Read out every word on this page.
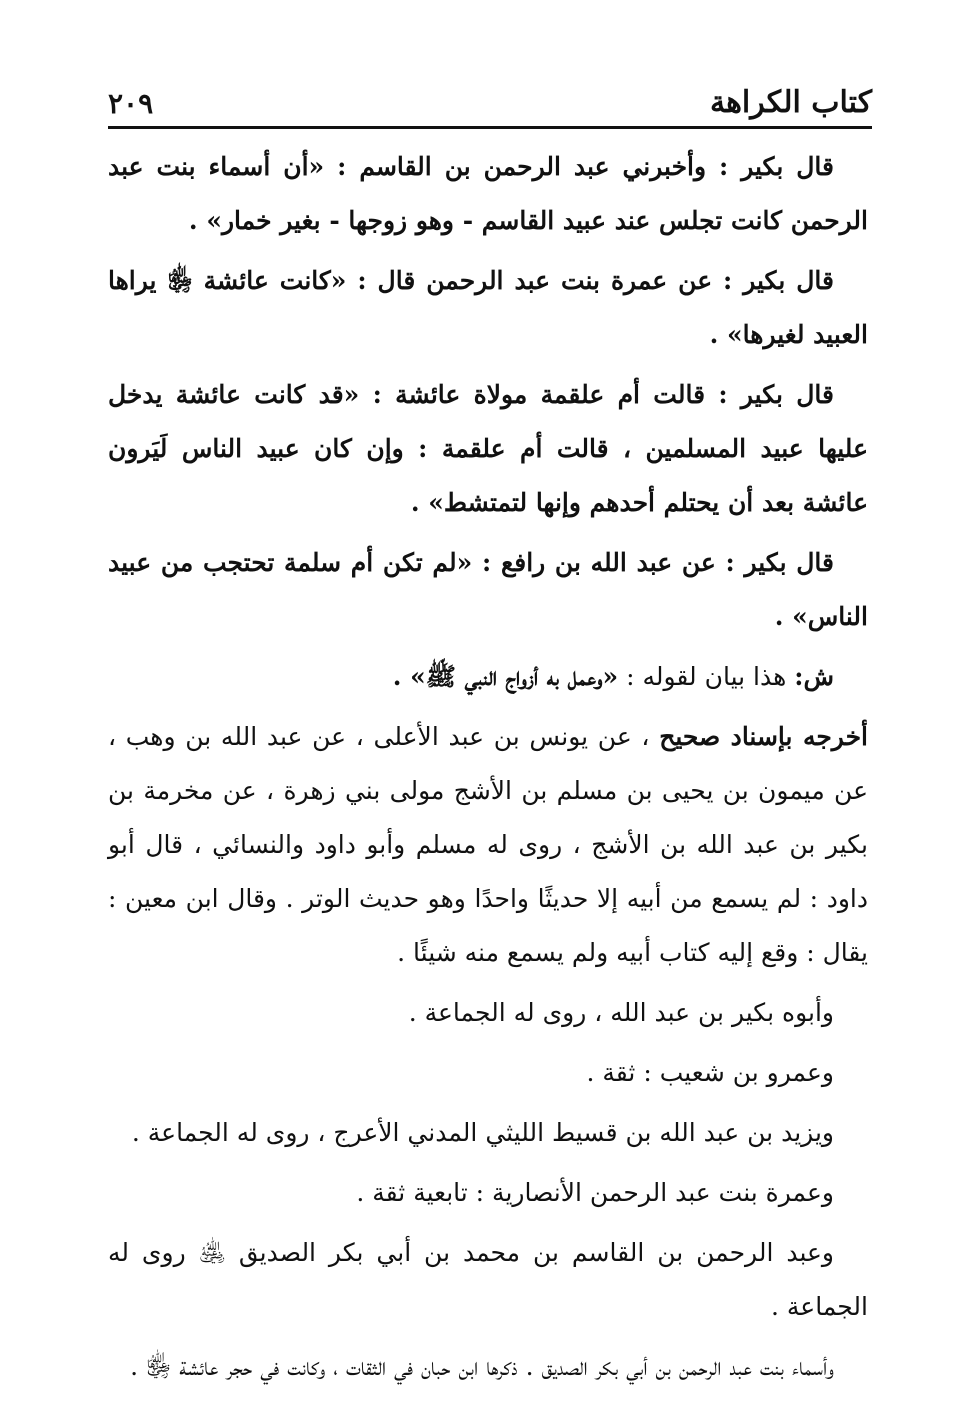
كتاب الكراهة
٢٠٩

قال بكير : وأخبرني عبد الرحمن بن القاسم : «أن أسماء بنت عبد الرحمن كانت تجلس عند عبيد القاسم - وهو زوجها - بغير خمار» .

قال بكير : عن عمرة بنت عبد الرحمن قال : «كانت عائشة ﵂ يراها العبيد لغيرها» .

قال بكير : قالت أم علقمة مولاة عائشة : «قد كانت عائشة يدخل عليها عبيد المسلمين ، قالت أم علقمة : وإن كان عبيد الناس لَيَرون عائشة بعد أن يحتلم أحدهم وإنها لتمتشط» .

قال بكير : عن عبد الله بن رافع : «لم تكن أم سلمة تحتجب من عبيد الناس» .

ش: هذا بيان لقوله : «وعمل به أزواج النبي ﷺ» .

أخرجه بإسناد صحيح ، عن يونس بن عبد الأعلى ، عن عبد الله بن وهب ، عن ميمون بن يحيى بن مسلم بن الأشج مولى بني زهرة ، عن مخرمة بن بكير بن عبد الله بن الأشج ، روى له مسلم وأبو داود والنسائي ، قال أبو داود : لم يسمع من أبيه إلا حديثًا واحدًا وهو حديث الوتر . وقال ابن معين : يقال : وقع إليه كتاب أبيه ولم يسمع منه شيئًا .

وأبوه بكير بن عبد الله ، روى له الجماعة .

وعمرو بن شعيب : ثقة .

ويزيد بن عبد الله بن قسيط الليثي المدني الأعرج ، روى له الجماعة .

وعمرة بنت عبد الرحمن الأنصارية : تابعية ثقة .

وعبد الرحمن بن القاسم بن محمد بن أبي بكر الصديق ﵁ روى له الجماعة .

وأسماء بنت عبد الرحمن بن أبي بكر الصديق . ذكرها ابن حبان في الثقات ، وكانت في حجر عائشة ﵂ .
